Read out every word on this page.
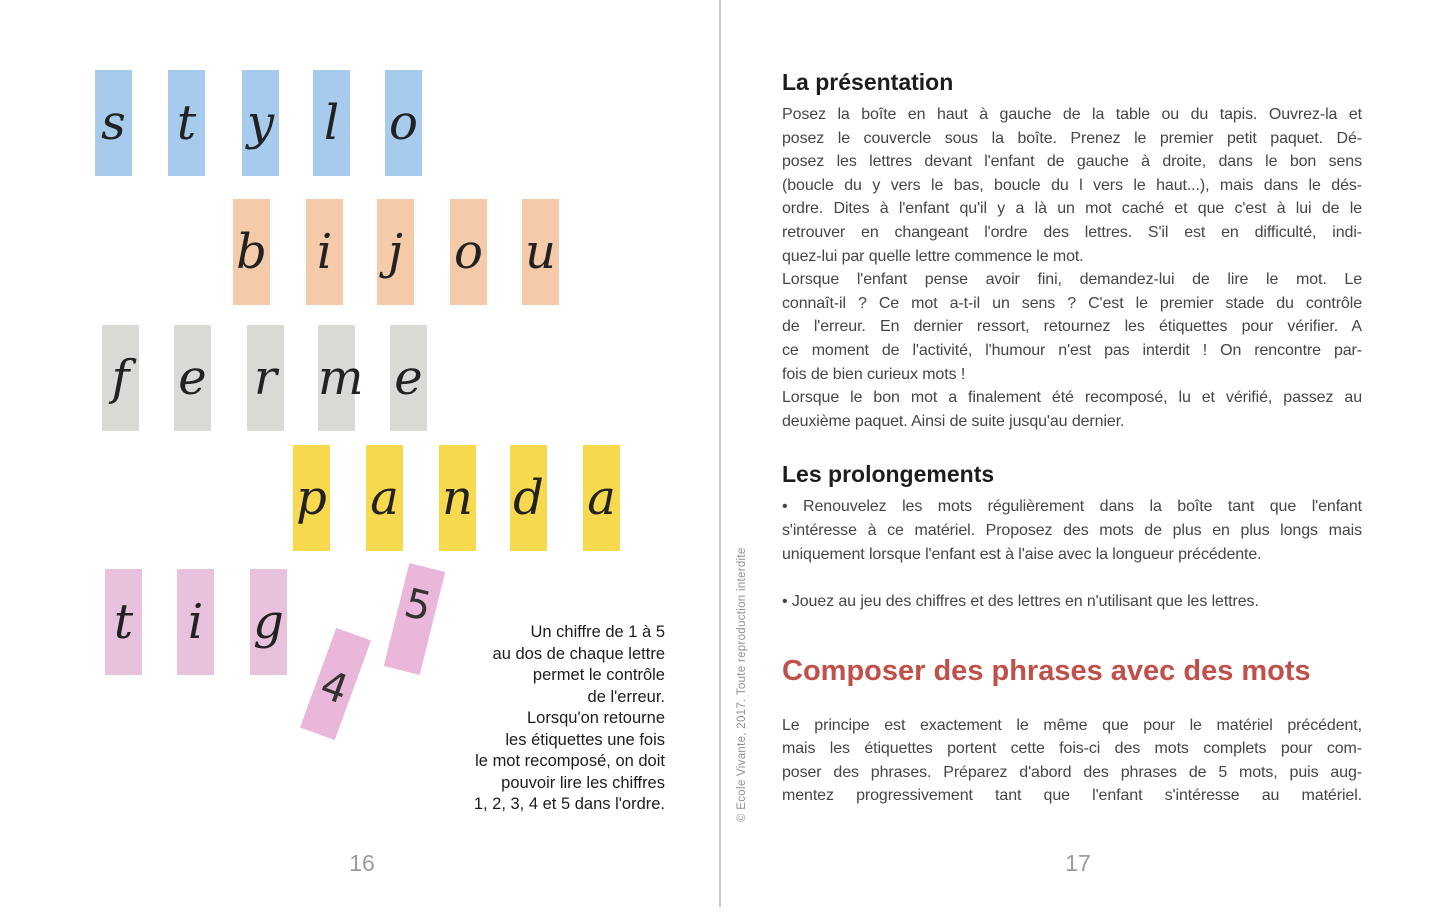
s t y l o
b i j o u
f e r m e
p a n d a
t i g
4
5
Un chiffre de 1 à 5
au dos de chaque lettre
permet le contrôle
de l'erreur.
Lorsqu'on retourne
les étiquettes une fois
le mot recomposé, on doit
pouvoir lire les chiffres
1, 2, 3, 4 et 5 dans l'ordre.
16
© Ecole Vivante, 2017. Toute reproduction interdite
La présentation
Posez la boîte en haut à gauche de la table ou du tapis. Ouvrez-la et
posez le couvercle sous la boîte. Prenez le premier petit paquet. Dé-
posez les lettres devant l'enfant de gauche à droite, dans le bon sens
(boucle du y vers le bas, boucle du l vers le haut...), mais dans le dés-
ordre. Dites à l'enfant qu'il y a là un mot caché et que c'est à lui de le
retrouver en changeant l'ordre des lettres. S'il est en difficulté, indi-
quez-lui par quelle lettre commence le mot.
Lorsque l'enfant pense avoir fini, demandez-lui de lire le mot. Le
connaît-il ? Ce mot a-t-il un sens ? C'est le premier stade du contrôle
de l'erreur. En dernier ressort, retournez les étiquettes pour vérifier. A
ce moment de l'activité, l'humour n'est pas interdit ! On rencontre par-
fois de bien curieux mots !
Lorsque le bon mot a finalement été recomposé, lu et vérifié, passez au
deuxième paquet. Ainsi de suite jusqu'au dernier.
Les prolongements
• Renouvelez les mots régulièrement dans la boîte tant que l'enfant
s'intéresse à ce matériel. Proposez des mots de plus en plus longs mais
uniquement lorsque l'enfant est à l'aise avec la longueur précédente.
• Jouez au jeu des chiffres et des lettres en n'utilisant que les lettres.
Composer des phrases avec des mots
Le principe est exactement le même que pour le matériel précédent,
mais les étiquettes portent cette fois-ci des mots complets pour com-
poser des phrases. Préparez d'abord des phrases de 5 mots, puis aug-
mentez progressivement tant que l'enfant s'intéresse au matériel.
17
